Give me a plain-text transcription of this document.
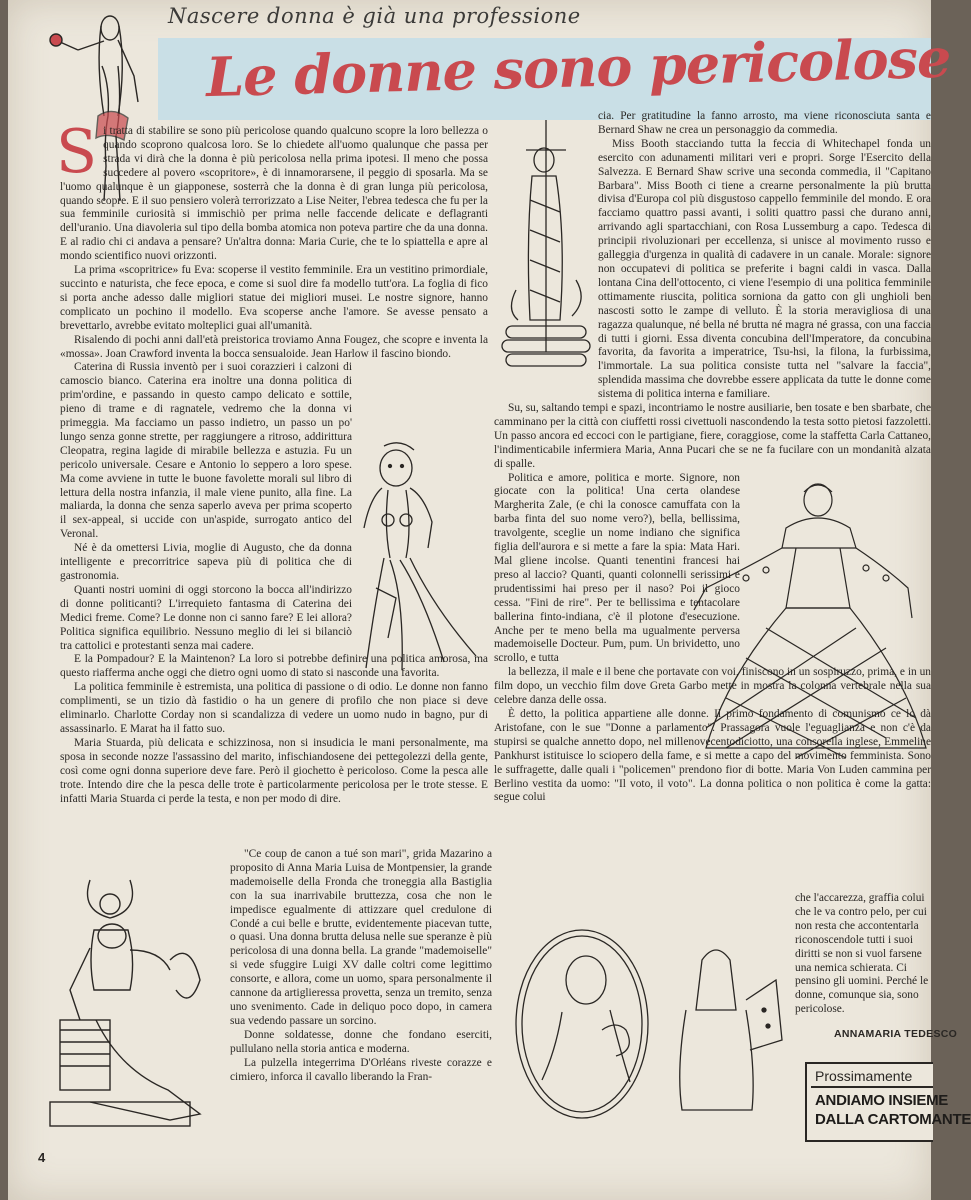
Nascere donna è già una professione
Le donne sono pericolose

Si tratta di stabilire se sono più pericolose quando qualcuno scopre la loro bellezza o quando scoprono qualcosa loro. Se lo chiedete all'uomo qualunque che passa per strada vi dirà che la donna è più pericolosa nella prima ipotesi. Il meno che possa succedere al povero «scopritore», è di innamorarsene, il peggio di sposarla. Ma se l'uomo qualunque è un giapponese, sosterrà che la donna è di gran lunga più pericolosa, quando scopre. E il suo pensiero volerà terrorizzato a Lise Neiter, l'ebrea tedesca che fu per la sua femminile curiosità si immischiò per prima nelle faccende delicate e deflagranti dell'uranio. Una diavoleria sul tipo della bomba atomica non poteva partire che da una donna. E al radio chi ci andava a pensare? Un'altra donna: Maria Curie, che te lo spiattella e apre al mondo scientifico nuovi orizzonti.

La prima «scopritrice» fu Eva: scoperse il vestito femminile. Era un vestitino primordiale, succinto e naturista, che fece epoca, e come si suol dire fa modello tutt'ora. La foglia di fico si porta anche adesso dalle migliori statue dei migliori musei. Le nostre signore, hanno complicato un pochino il modello. Eva scoperse anche l'amore. Se avesse pensato a brevettarlo, avrebbe evitato molteplici guai all'umanità.

Risalendo di pochi anni dall'età preistorica troviamo Anna Fougez, che scopre e inventa la «mossa». Joan Crawford inventa la bocca sensualoide. Jean Harlow il fascino biondo.

Caterina di Russia inventò per i suoi corazzieri i calzoni di camoscio bianco. Caterina era inoltre una donna politica di prim'ordine, e passando in questo campo delicato e sottile, pieno di trame e di ragnatele, vedremo che la donna vi primeggia. Ma facciamo un passo indietro, un passo un po' lungo senza gonne strette, per raggiungere a ritroso, addirittura Cleopatra, regina lagide di mirabile bellezza e astuzia. Fu un pericolo universale. Cesare e Antonio lo seppero a loro spese. Ma come avviene in tutte le buone favolette morali sul libro di lettura della nostra infanzia, il male viene punito, alla fine. La maliarda, la donna che senza saperlo aveva per prima scoperto il sex-appeal, si uccide con un'aspide, surrogato antico del Veronal.

Né è da omettersi Livia, moglie di Augusto, che da donna intelligente e precorritrice sapeva più di politica che di gastronomia.

Quanti nostri uomini di oggi storcono la bocca all'indirizzo di donne politicanti? L'irrequieto fantasma di Caterina dei Medici freme. Come? Le donne non ci sanno fare? E lei allora? Politica significa equilibrio. Nessuno meglio di lei si bilanciò tra cattolici e protestanti senza mai cadere.

E la Pompadour? E la Maintenon? La loro si potrebbe definire una politica amorosa, ma questo riafferma anche oggi che dietro ogni uomo di stato si nasconde una favorita.

La politica femminile è estremista, una politica di passione o di odio. Le donne non fanno complimenti, se un tizio dà fastidio o ha un genere di profilo che non piace si deve eliminarlo. Charlotte Corday non si scandalizza di vedere un uomo nudo in bagno, pur di assassinarlo. E Marat ha il fatto suo.

Maria Stuarda, più delicata e schizzinosa, non si insudicia le mani personalmente, ma sposa in seconde nozze l'assassino del marito, infischiandosene dei pettegolezzi della gente, così come ogni donna superiore deve fare. Però il giochetto è pericoloso. Come la pesca alle trote. Intendo dire che la pesca delle trote è particolarmente pericolosa per le trote stesse. E infatti Maria Stuarda ci perde la testa, e non per modo di dire.

"Ce coup de canon a tué son mari", grida Mazarino a proposito di Anna Maria Luisa de Montpensier, la grande mademoiselle della Fronda che troneggia alla Bastiglia con la sua inarrivabile bruttezza, cosa che non le impedisce egualmente di attizzare quel credulone di Condé a cui belle e brutte, evidentemente piacevan tutte, o quasi. Una donna brutta delusa nelle sue speranze è più pericolosa di una donna bella. La grande "mademoiselle" si vede sfuggire Luigi XV dalle coltri come legittimo consorte, e allora, come un uomo, spara personalmente il cannone da artiglieressa provetta, senza un tremito, senza uno svenimento. Cade in deliquo poco dopo, in camera sua vedendo passare un sorcino.

Donne soldatesse, donne che fondano eserciti, pullulano nella storia antica e moderna.

La pulzella integerrima D'Orléans riveste corazze e cimiero, inforca il cavallo liberando la Fran-

cia. Per gratitudine la fanno arrosto, ma viene riconosciuta santa e Bernard Shaw ne crea un personaggio da commedia.

Miss Booth stacciando tutta la feccia di Whitechapel fonda un esercito con adunamenti militari veri e propri. Sorge l'Esercito della Salvezza. E Bernard Shaw scrive una seconda commedia, il "Capitano Barbara". Miss Booth ci tiene a crearne personalmente la più brutta divisa d'Europa col più disgustoso cappello femminile del mondo. E ora facciamo quattro passi avanti, i soliti quattro passi che durano anni, arrivando agli spartacchiani, con Rosa Lussemburg a capo. Tedesca di principii rivoluzionari per eccellenza, si unisce al movimento russo e galleggia d'urgenza in qualità di cadavere in un canale. Morale: signore non occupatevi di politica se preferite i bagni caldi in vasca. Dalla lontana Cina dell'ottocento, ci viene l'esempio di una politica femminile ottimamente riuscita, politica sorniona da gatto con gli unghioli ben nascosti sotto le zampe di velluto. È la storia meravigliosa di una ragazza qualunque, né bella né brutta né magra né grassa, con una faccia di tutti i giorni. Essa diventa concubina dell'Imperatore, da concubina favorita, da favorita a imperatrice, Tsu-hsi, la filona, la furbissima, l'immortale. La sua politica consiste tutta nel "salvare la faccia", splendida massima che dovrebbe essere applicata da tutte le donne come sistema di politica interna e familiare.

Su, su, saltando tempi e spazi, incontriamo le nostre ausiliarie, ben tosate e ben sbarbate, che camminano per la città con ciuffetti rossi civettuoli nascondendo la testa sotto pietosi fazzoletti. Un passo ancora ed eccoci con le partigiane, fiere, coraggiose, come la staffetta Carla Cattaneo, l'indimenticabile infermiera Maria, Anna Pucari che se ne fa fucilare con un mondanità alzata di spalle.

Politica e amore, politica e morte. Signore, non giocate con la politica! Una certa olandese Margherita Zale, (e chi la conosce camuffata con la barba finta del suo nome vero?), bella, bellissima, travolgente, sceglie un nome indiano che significa figlia dell'aurora e si mette a fare la spia: Mata Hari. Mal gliene incolse. Quanti tenentini francesi hai preso al laccio? Quanti, quanti colonnelli serissimi e prudentissimi hai preso per il naso? Poi il gioco cessa. "Fini de rire". Per te bellissima e tentacolare ballerina finto-indiana, c'è il plotone d'esecuzione. Anche per te meno bella ma ugualmente perversa mademoiselle Docteur. Pum, pum. Un brividetto, uno scrollo, e tutta

la bellezza, il male e il bene che portavate con voi, finiscono in un sospiruzzo, prima, e in un film dopo, un vecchio film dove Greta Garbo mette in mostra la colonna vertebrale nella sua celebre danza delle ossa.

È detto, la politica appartiene alle donne. Il primo fondamento di comunismo ce lo dà Aristofane, con le sue "Donne a parlamento". Prassagora vuole l'eguaglianza e non c'è da stupirsi se qualche annetto dopo, nel millenovecentodiciotto, una consorella inglese, Emmeline Pankhurst istituisce lo sciopero della fame, e si mette a capo del movimento femminista. Sono le suffragette, dalle quali i "policemen" prendono fior di botte. Maria Von Luden cammina per Berlino vestita da uomo: "Il voto, il voto". La donna politica o non politica è come la gatta: segue colui

che l'accarezza, graffia colui che le va contro pelo, per cui non resta che accontentarla riconoscendole tutti i suoi diritti se non si vuol farsene una nemica schierata. Ci pensino gli uomini. Perché le donne, comunque sia, sono pericolose.
ANNAMARIA TEDESCO
Prossimamente
ANDIAMO INSIEME
DALLA CARTOMANTE
4
